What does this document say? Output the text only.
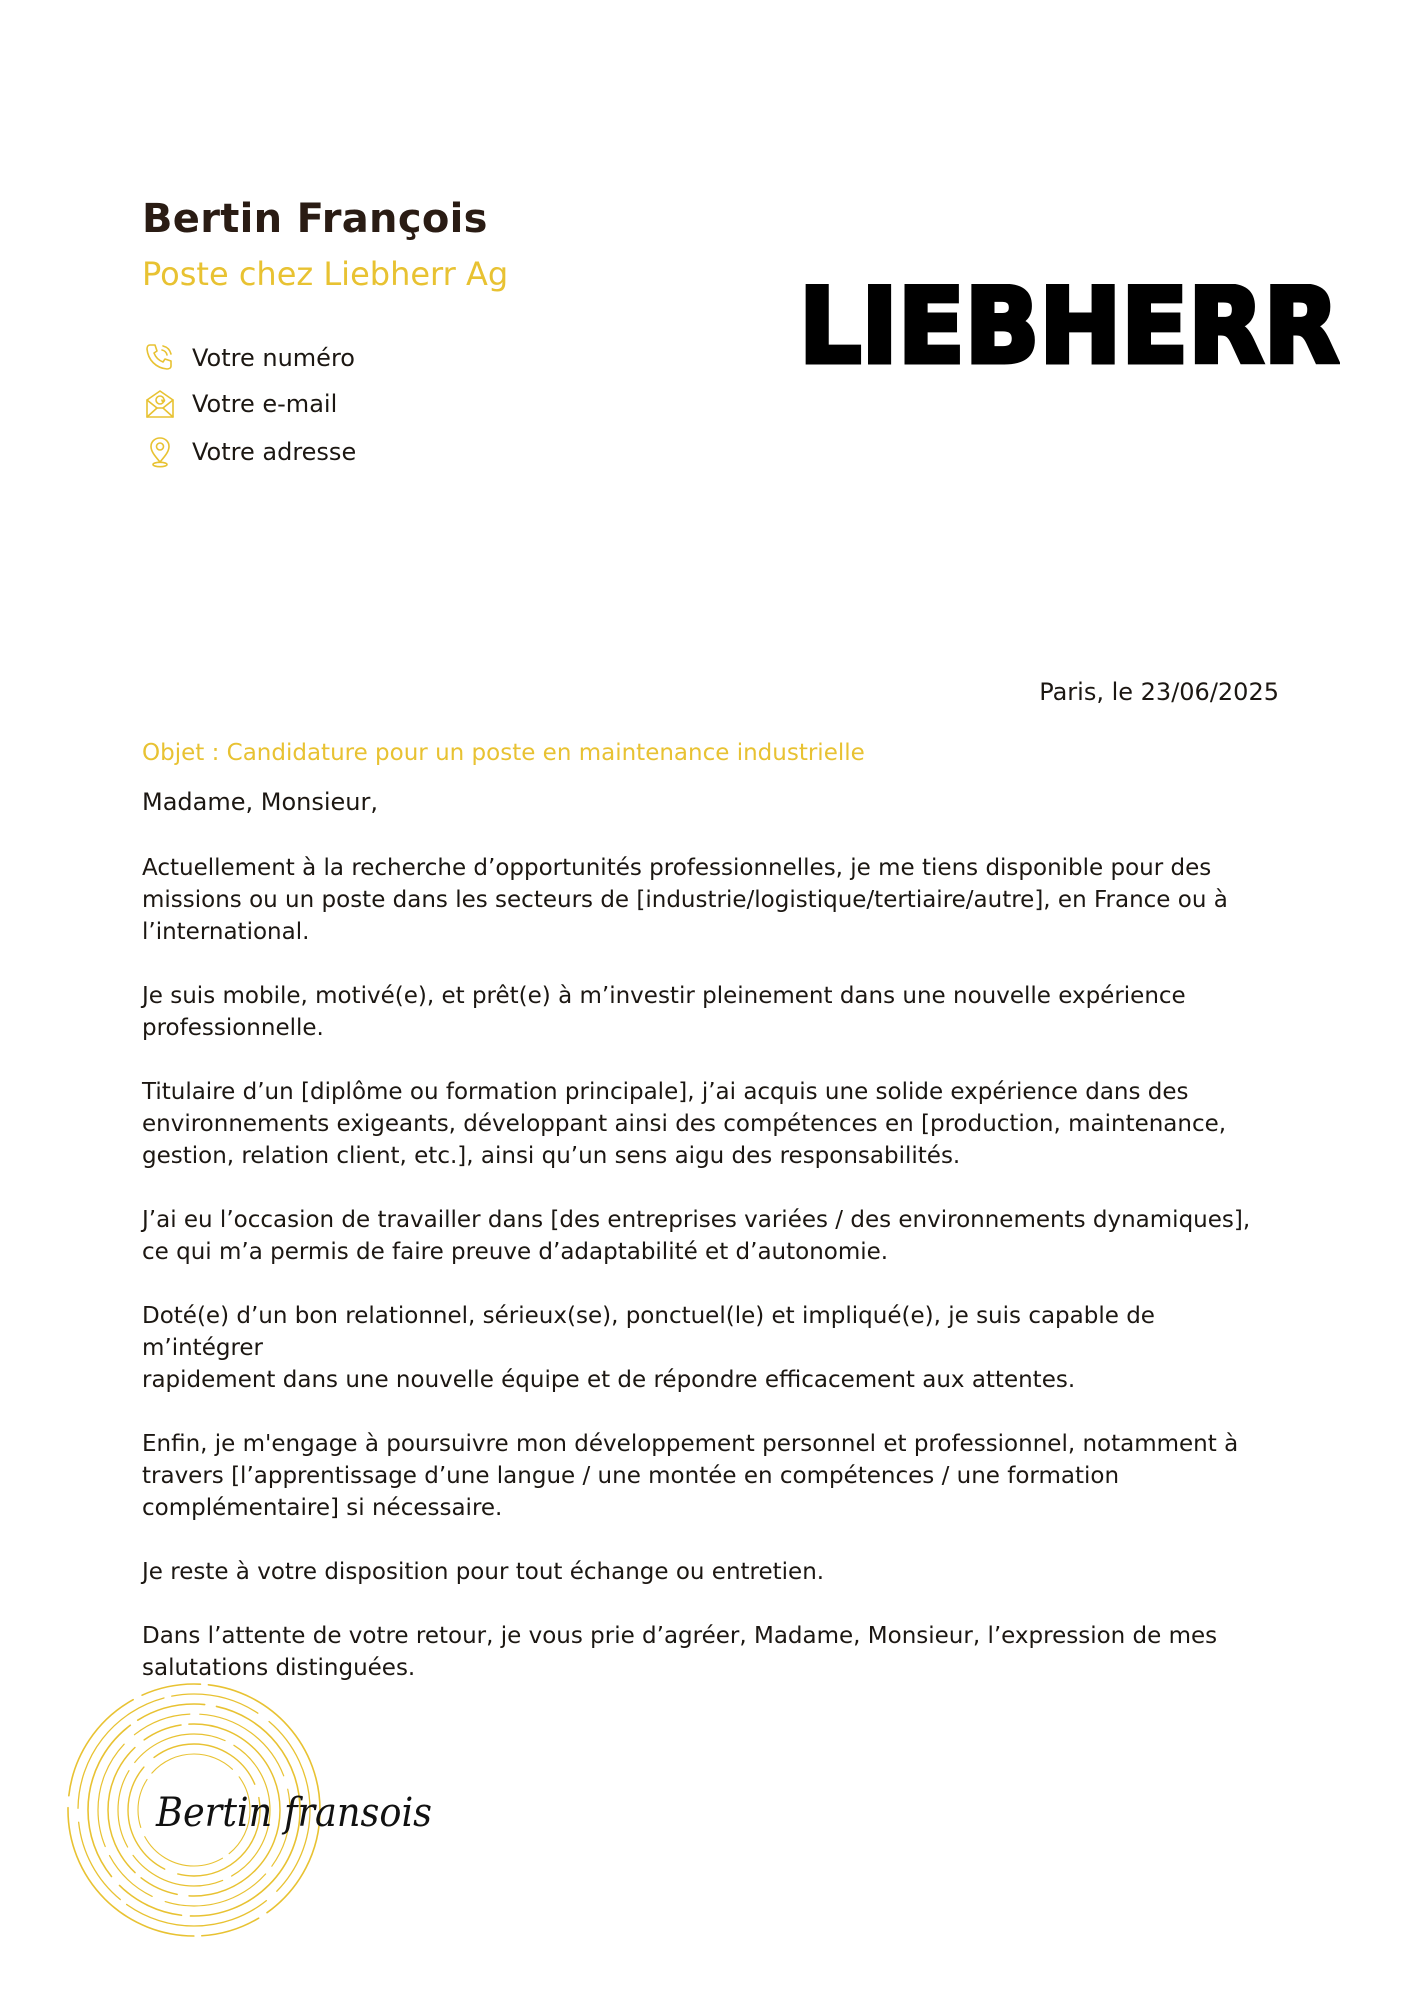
Bertin François
Poste chez Liebherr Ag
Votre numéro
Votre e-mail
Votre adresse
LIEBHERR
Paris, le 23/06/2025
Objet : Candidature pour un poste en maintenance industrielle
Madame, Monsieur,

Actuellement à la recherche d’opportunités professionnelles, je me tiens disponible pour des
missions ou un poste dans les secteurs de [industrie/logistique/tertiaire/autre], en France ou à
l’international.

Je suis mobile, motivé(e), et prêt(e) à m’investir pleinement dans une nouvelle expérience
professionnelle.

Titulaire d’un [diplôme ou formation principale], j’ai acquis une solide expérience dans des
environnements exigeants, développant ainsi des compétences en [production, maintenance,
gestion, relation client, etc.], ainsi qu’un sens aigu des responsabilités.

J’ai eu l’occasion de travailler dans [des entreprises variées / des environnements dynamiques],
ce qui m’a permis de faire preuve d’adaptabilité et d’autonomie.

Doté(e) d’un bon relationnel, sérieux(se), ponctuel(le) et impliqué(e), je suis capable de m’intégrer
rapidement dans une nouvelle équipe et de répondre efficacement aux attentes.

Enfin, je m'engage à poursuivre mon développement personnel et professionnel, notamment à
travers [l’apprentissage d’une langue / une montée en compétences / une formation
complémentaire] si nécessaire.

Je reste à votre disposition pour tout échange ou entretien.

Dans l’attente de votre retour, je vous prie d’agréer, Madame, Monsieur, l’expression de mes
salutations distinguées.

Bertin fransois
